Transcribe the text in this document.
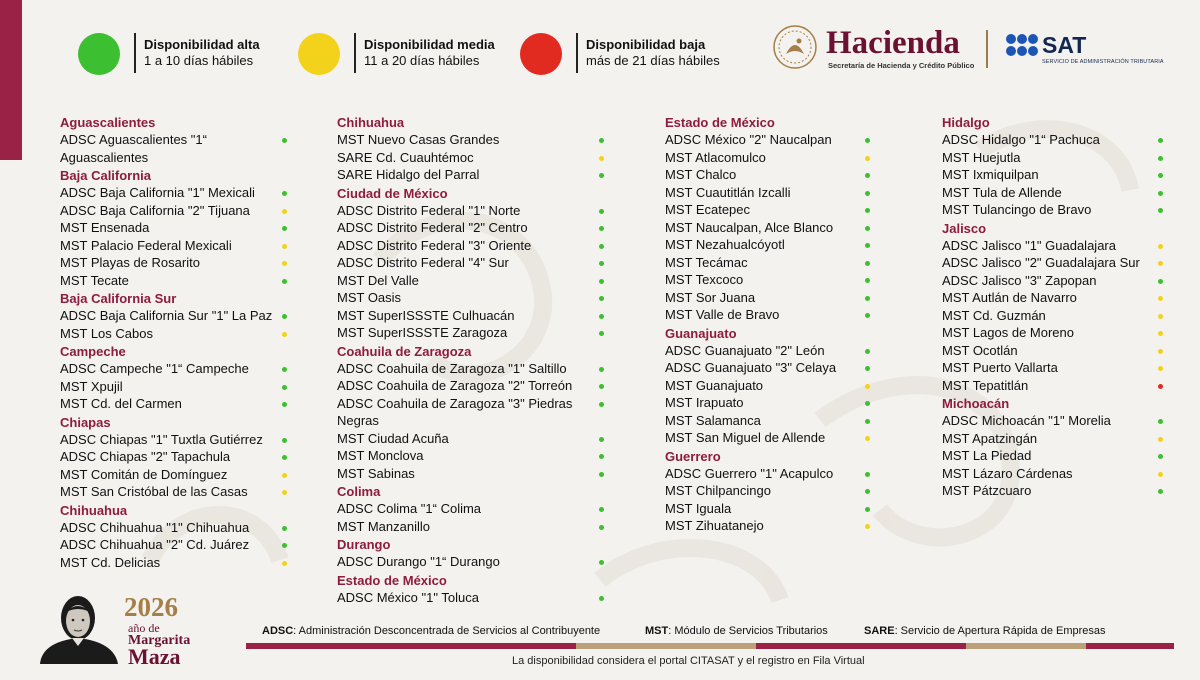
Disponibilidad alta
1 a 10 días hábiles
Disponibilidad media
11 a 20 días hábiles
Disponibilidad baja
más de 21 días hábiles	Hacienda
Secretaría de Hacienda y Crédito Público
SAT
SERVICIO DE ADMINISTRACIÓN TRIBUTARIA
Aguascalientes
ADSC Aguascalientes "1“ Aguascalientes
Baja California
ADSC Baja California "1" Mexicali
ADSC Baja California "2" Tijuana
MST Ensenada
MST Palacio Federal Mexicali
MST Playas de Rosarito
MST Tecate
Baja California Sur
ADSC Baja California Sur "1" La Paz
MST Los Cabos
Campeche
ADSC Campeche "1“ Campeche
MST Xpujil
MST Cd. del Carmen
Chiapas
ADSC Chiapas "1" Tuxtla Gutiérrez
ADSC Chiapas "2" Tapachula
MST Comitán de Domínguez
MST San Cristóbal de las Casas
Chihuahua
ADSC Chihuahua "1" Chihuahua
ADSC Chihuahua "2" Cd. Juárez
MST Cd. Delicias
Chihuahua
MST Nuevo Casas Grandes
SARE Cd. Cuauhtémoc
SARE Hidalgo del Parral
Ciudad de México
ADSC Distrito Federal "1" Norte
ADSC Distrito Federal "2" Centro
ADSC Distrito Federal "3" Oriente
ADSC Distrito Federal "4" Sur
MST Del Valle
MST Oasis
MST SuperISSSTE Culhuacán
MST SuperISSSTE Zaragoza
Coahuila de Zaragoza
ADSC Coahuila de Zaragoza "1" Saltillo
ADSC Coahuila de Zaragoza "2" Torreón
ADSC Coahuila de Zaragoza "3" Piedras Negras
MST Ciudad Acuña
MST Monclova
MST Sabinas
Colima
ADSC Colima "1“ Colima
MST Manzanillo
Durango
ADSC Durango "1“ Durango
Estado de México
ADSC México "1" Toluca
Estado de México
ADSC México "2" Naucalpan
MST Atlacomulco
MST Chalco
MST Cuautitlán Izcalli
MST Ecatepec
MST Naucalpan, Alce Blanco
MST Nezahualcóyotl
MST Tecámac
MST Texcoco
MST Sor Juana
MST Valle de Bravo
Guanajuato
ADSC Guanajuato "2" León
ADSC Guanajuato "3" Celaya
MST Guanajuato
MST Irapuato
MST Salamanca
MST San Miguel de Allende
Guerrero
ADSC Guerrero "1" Acapulco
MST Chilpancingo
MST Iguala
MST Zihuatanejo
Hidalgo
ADSC Hidalgo "1“ Pachuca
MST Huejutla
MST Ixmiquilpan
MST Tula de Allende
MST Tulancingo de Bravo
Jalisco
ADSC Jalisco "1" Guadalajara
ADSC Jalisco "2" Guadalajara Sur
ADSC Jalisco "3" Zapopan
MST Autlán de Navarro
MST Cd. Guzmán
MST Lagos de Moreno
MST Ocotlán
MST Puerto Vallarta
MST Tepatitlán
Michoacán
ADSC Michoacán "1" Morelia
MST Apatzingán
MST La Piedad
MST Lázaro Cárdenas
MST Pátzcuaro
2026
año de
Margarita
Maza
ADSC: Administración Desconcentrada de Servicios al Contribuyente	MST: Módulo de Servicios Tributarios	SARE: Servicio de Apertura Rápida de Empresas
La disponibilidad considera el portal CITASAT y el registro en Fila Virtual
